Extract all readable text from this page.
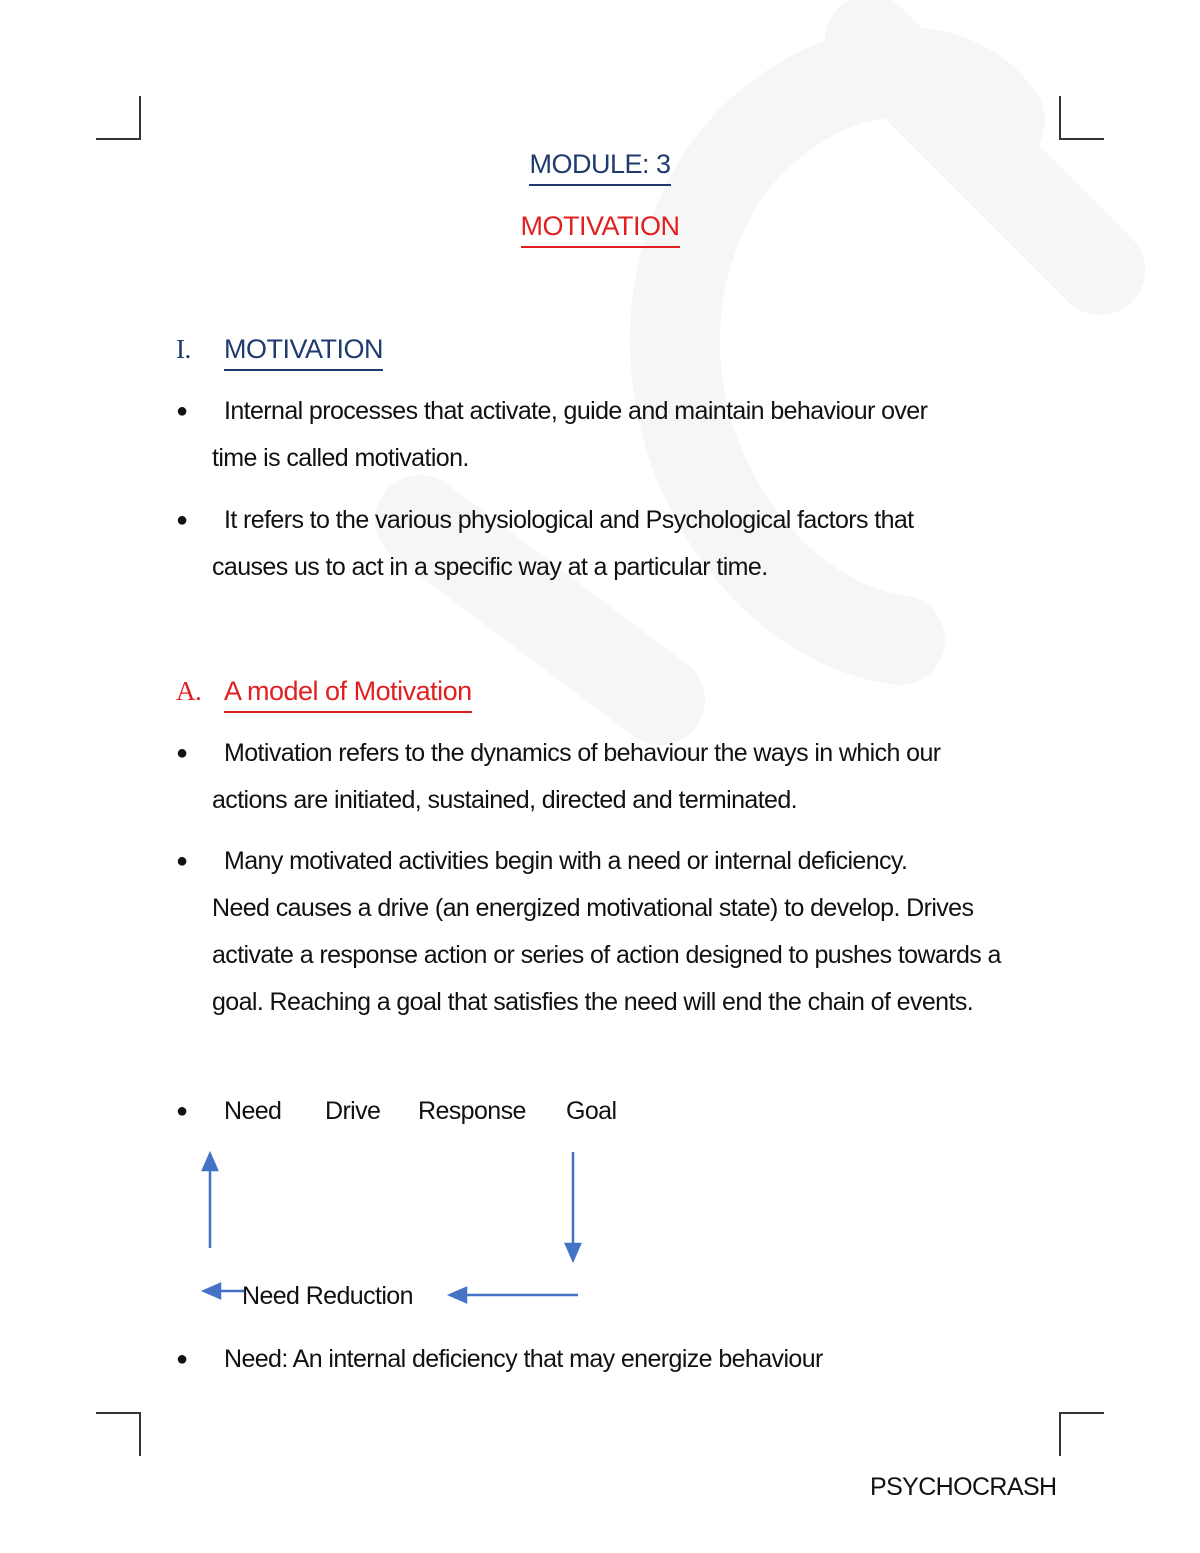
MODULE: 3
MOTIVATION
I. MOTIVATION
●	Internal processes that activate, guide and maintain behaviour over
time is called motivation.
●	It refers to the various physiological and Psychological factors that
causes us to act in a specific way at a particular time.
A. A model of Motivation
●	Motivation refers to the dynamics of behaviour the ways in which our
actions are initiated, sustained, directed and terminated.
●	Many motivated activities begin with a need or internal deficiency.
Need causes a drive (an energized motivational state) to develop. Drives activate a response action or series of action designed to pushes towards a goal. Reaching a goal that satisfies the need will end the chain of events.
●	Need Drive Response Goal
Need Reduction
●	Need: An internal deficiency that may energize behaviour
PSYCHOCRASH
